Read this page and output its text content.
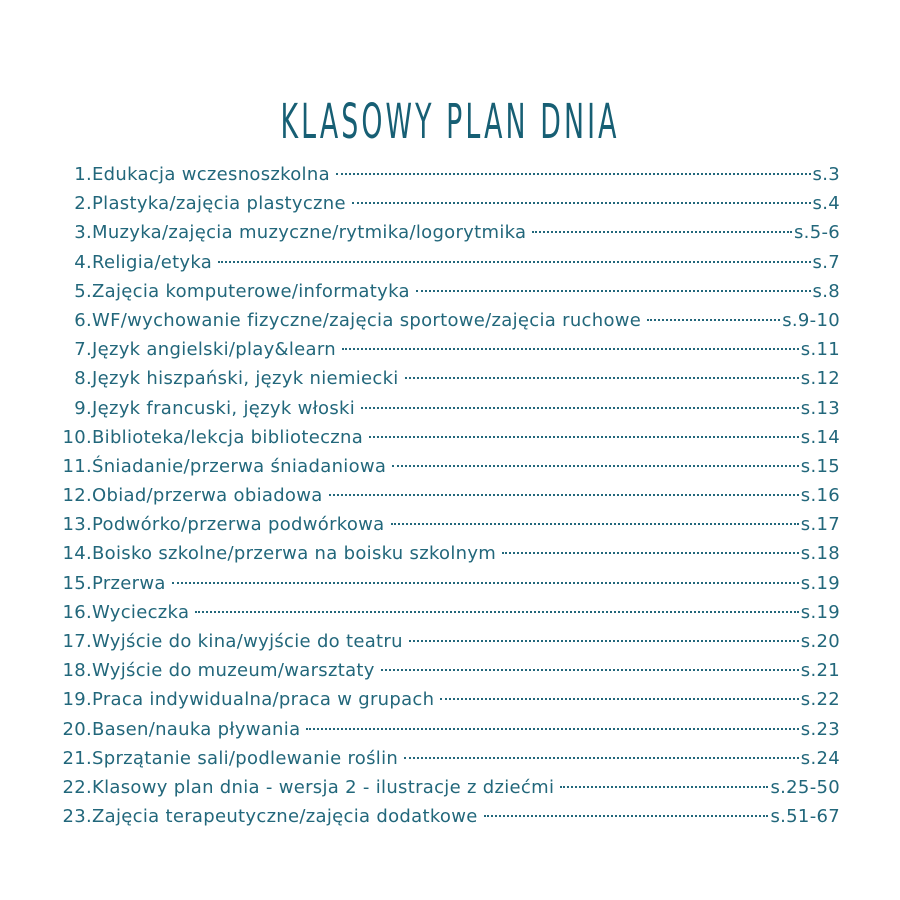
KLASOWY PLAN DNIA
1. Edukacja wczesnoszkolna	s.3
2. Plastyka/zajęcia plastyczne	s.4
3. Muzyka/zajęcia muzyczne/rytmika/logorytmika	s.5-6
4. Religia/etyka	s.7
5. Zajęcia komputerowe/informatyka	s.8
6. WF/wychowanie fizyczne/zajęcia sportowe/zajęcia ruchowe	s.9-10
7. Język angielski/play&learn	s.11
8. Język hiszpański, język niemiecki	s.12
9. Język francuski, język włoski	s.13
10. Biblioteka/lekcja biblioteczna	s.14
11. Śniadanie/przerwa śniadaniowa	s.15
12. Obiad/przerwa obiadowa	s.16
13. Podwórko/przerwa podwórkowa	s.17
14. Boisko szkolne/przerwa na boisku szkolnym	s.18
15. Przerwa	s.19
16. Wycieczka	s.19
17. Wyjście do kina/wyjście do teatru	s.20
18. Wyjście do muzeum/warsztaty	s.21
19. Praca indywidualna/praca w grupach	s.22
20. Basen/nauka pływania	s.23
21. Sprzątanie sali/podlewanie roślin	s.24
22. Klasowy plan dnia - wersja 2 - ilustracje z dziećmi	s.25-50
23. Zajęcia terapeutyczne/zajęcia dodatkowe	s.51-67
